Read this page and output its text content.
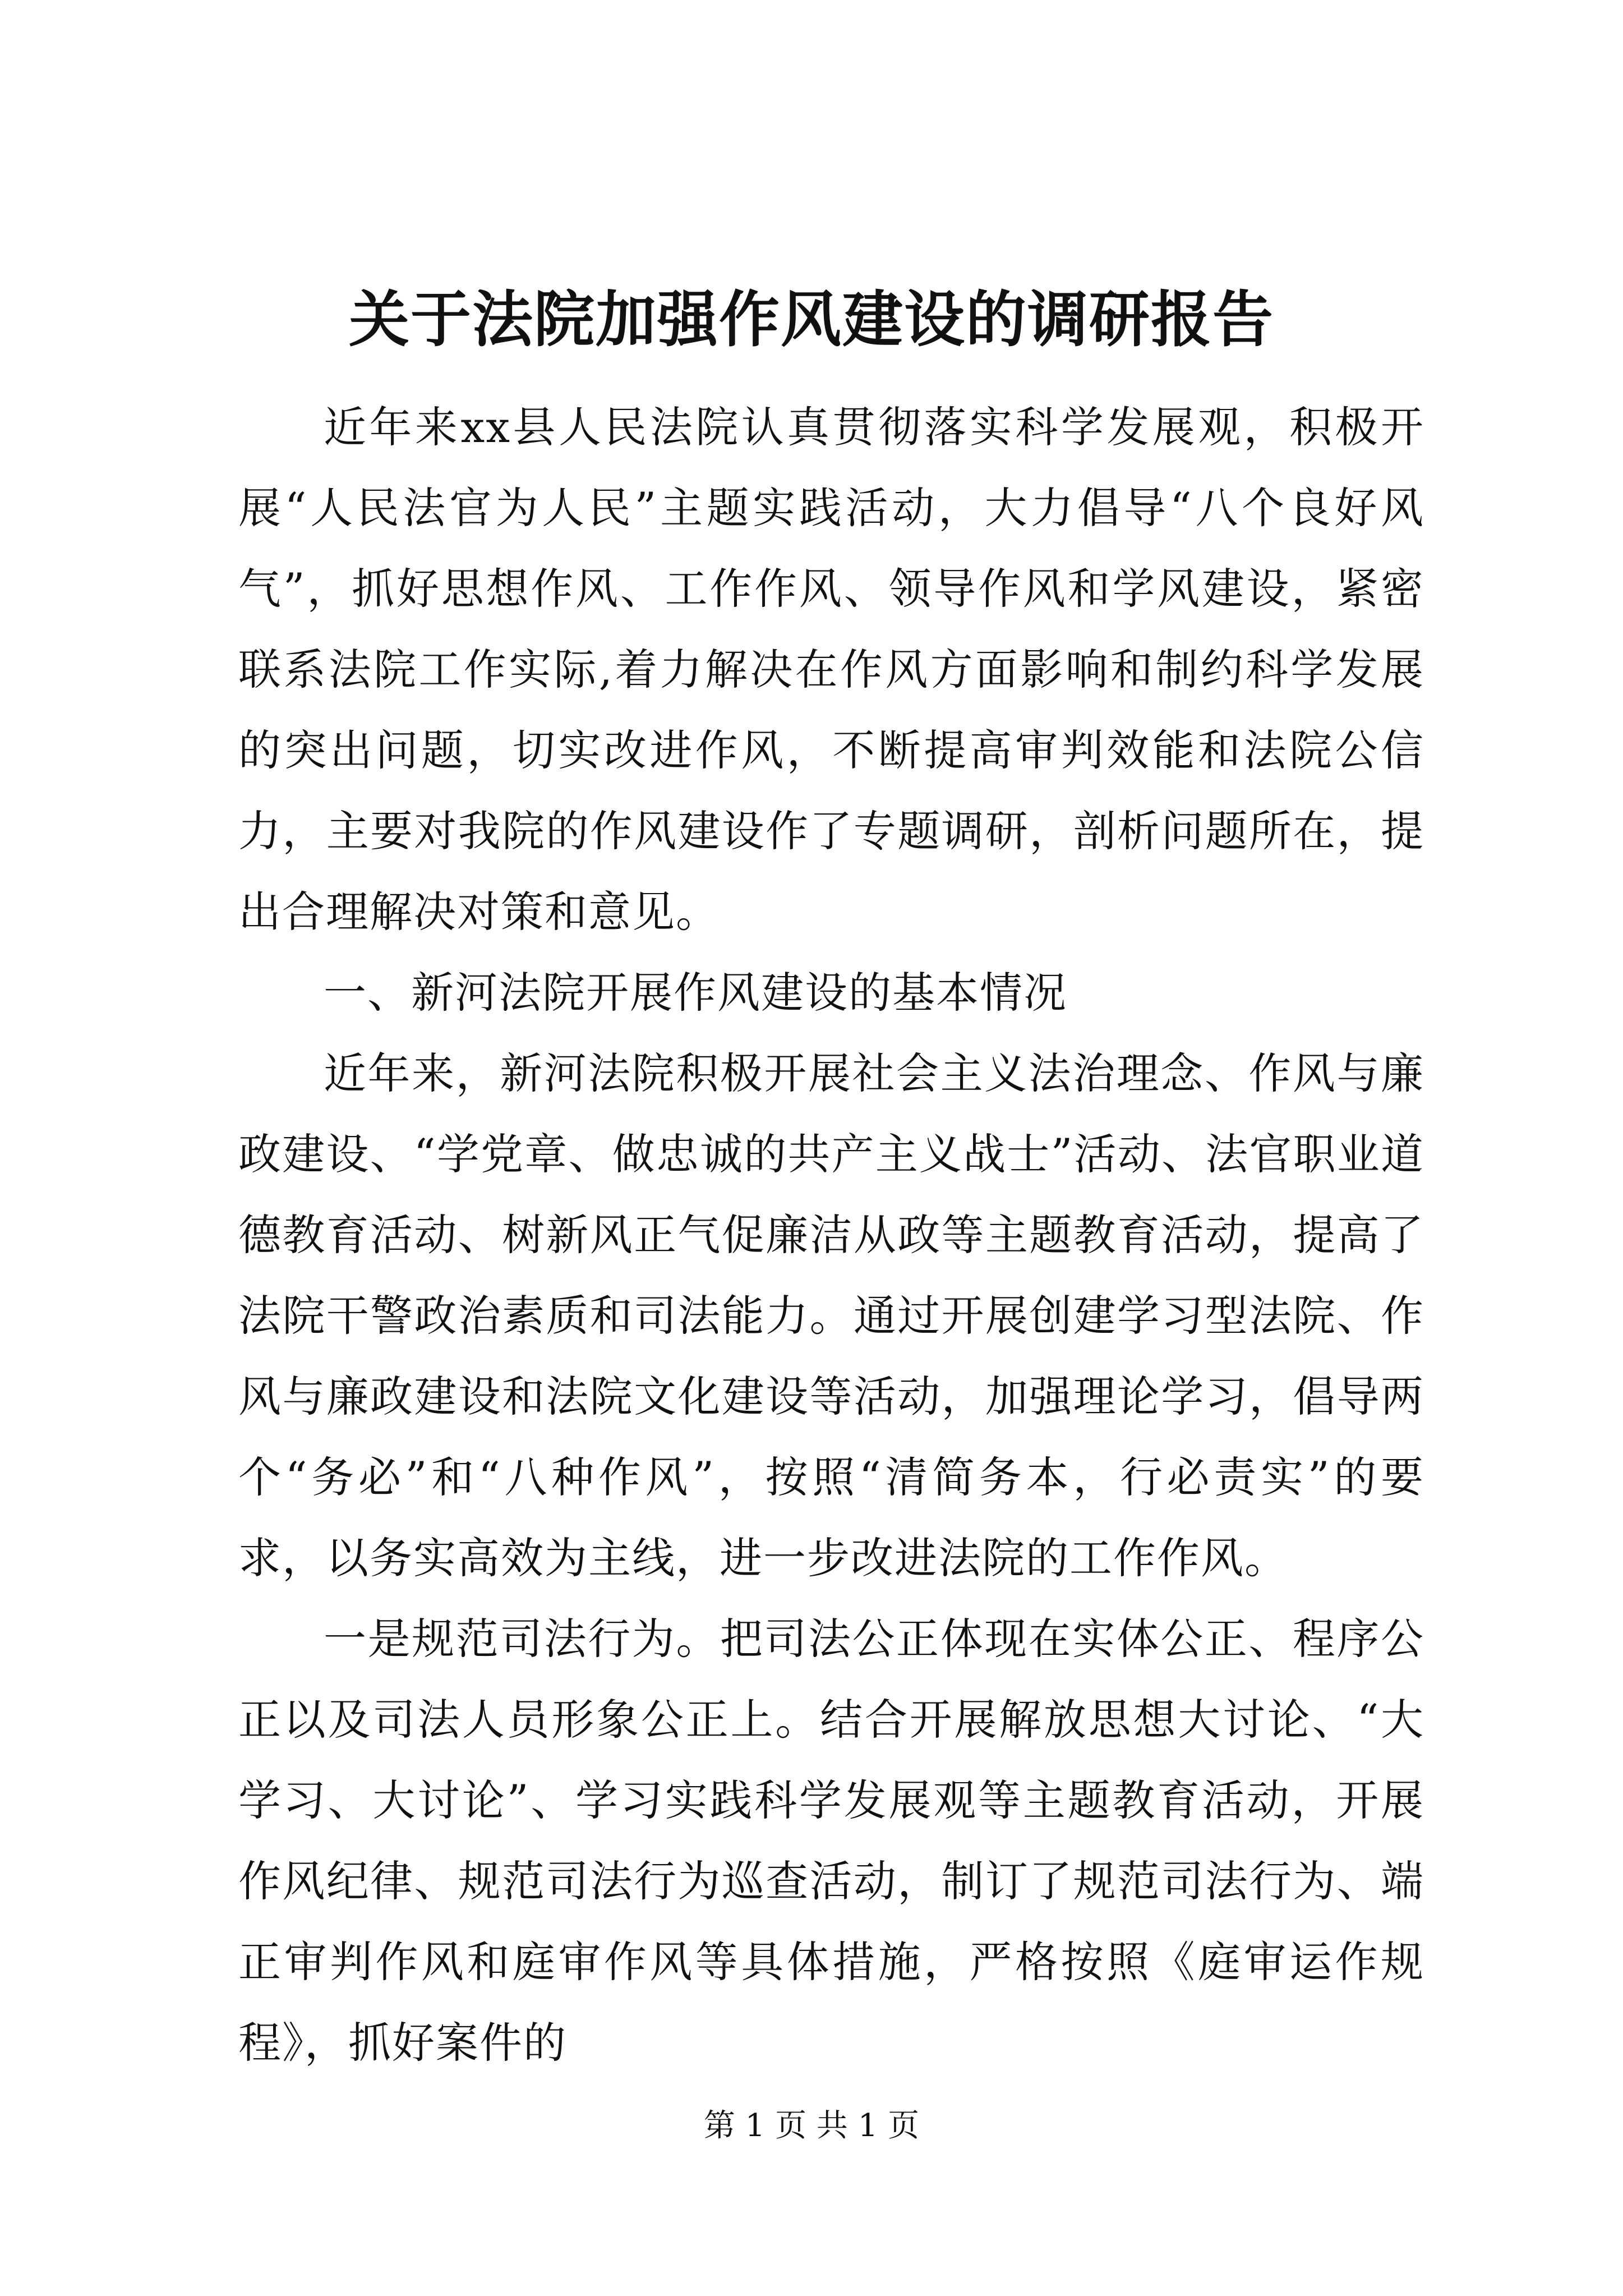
关于法院加强作风建设的调研报告

近年来xx县人民法院认真贯彻落实科学发展观，积极开展“人民法官为人民”主题实践活动，大力倡导“八个良好风气”，抓好思想作风、工作作风、领导作风和学风建设，紧密联系法院工作实际,着力解决在作风方面影响和制约科学发展的突出问题，切实改进作风，不断提高审判效能和法院公信力，主要对我院的作风建设作了专题调研，剖析问题所在，提出合理解决对策和意见。

一、新河法院开展作风建设的基本情况

近年来，新河法院积极开展社会主义法治理念、作风与廉政建设、“学党章、做忠诚的共产主义战士”活动、法官职业道德教育活动、树新风正气促廉洁从政等主题教育活动，提高了法院干警政治素质和司法能力。通过开展创建学习型法院、作风与廉政建设和法院文化建设等活动，加强理论学习，倡导两个“务必”和“八种作风”，按照“清简务本，行必责实”的要求，以务实高效为主线，进一步改进法院的工作作风。

一是规范司法行为。把司法公正体现在实体公正、程序公正以及司法人员形象公正上。结合开展解放思想大讨论、“大学习、大讨论”、学习实践科学发展观等主题教育活动，开展作风纪律、规范司法行为巡查活动，制订了规范司法行为、端正审判作风和庭审作风等具体措施，严格按照《庭审运作规程》，抓好案件的

第 1 页 共 1 页
